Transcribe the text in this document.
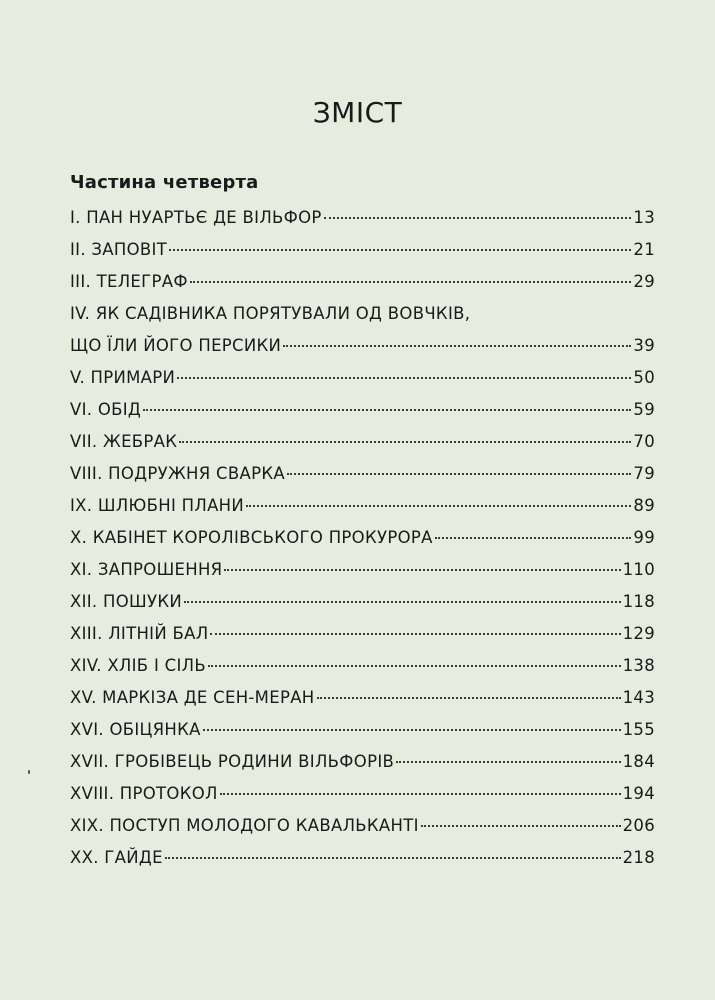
ЗМІСТ
Частина четверта
I. ПАН НУАРТЬЄ ДЕ ВІЛЬФОР	13
II. ЗАПОВІТ	21
III. ТЕЛЕГРАФ	29
IV. ЯК САДІВНИКА ПОРЯТУВАЛИ ОД ВОВЧКІВ,
ЩО ЇЛИ ЙОГО ПЕРСИКИ	39
V. ПРИМАРИ	50
VI. ОБІД	59
VII. ЖЕБРАК	70
VIII. ПОДРУЖНЯ СВАРКА	79
IX. ШЛЮБНІ ПЛАНИ	89
X. КАБІНЕТ КОРОЛІВСЬКОГО ПРОКУРОРА	99
XI. ЗАПРОШЕННЯ	110
XII. ПОШУКИ	118
XIII. ЛІТНІЙ БАЛ	129
XIV. ХЛІБ І СІЛЬ	138
XV. МАРКІЗА ДЕ СЕН-МЕРАН	143
XVI. ОБІЦЯНКА	155
XVII. ГРОБІВЕЦЬ РОДИНИ ВІЛЬФОРІВ	184
XVIII. ПРОТОКОЛ	194
XIX. ПОСТУП МОЛОДОГО КАВАЛЬКАНТІ	206
XX. ГАЙДЕ	218
